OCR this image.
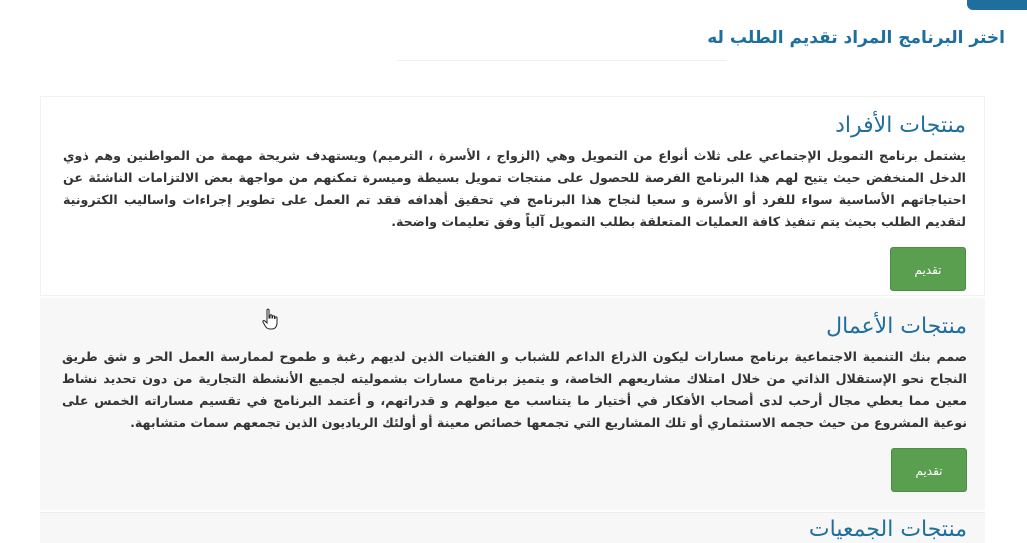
اختر البرنامج المراد تقديم الطلب له
منتجات الأفراد

يشتمل برنامج التمويل الإجتماعي على ثلاث أنواع من التمويل وهي (الزواج ، الأسرة ، الترميم) ويستهدف شريحة مهمة من المواطنين وهم ذوي الدخل المنخفض حيث يتيح لهم هذا البرنامج الفرصة للحصول على منتجات تمويل بسيطة وميسرة تمكنهم من مواجهة بعض الالتزامات الناشئة عن احتياجاتهم الأساسية سواء للفرد أو الأسرة و سعيا لنجاح هذا البرنامج في تحقيق أهدافه فقد تم العمل على تطوير إجراءات واساليب الكترونية لتقديم الطلب بحيث يتم تنفيذ كافة العمليات المتعلقة بطلب التمويل آلياً وفق تعليمات واضحة.

تقديم
منتجات الأعمال

صمم بنك التنمية الاجتماعية برنامج مسارات ليكون الذراع الداعم للشباب و الفتيات الذين لديهم رغبة و طموح لممارسة العمل الحر و شق طريق النجاح نحو الإستقلال الذاتي من خلال امتلاك مشاريعهم الخاصة، و يتميز برنامج مسارات بشموليته لجميع الأنشطة التجارية من دون تحديد نشاط معين مما يعطي مجال أرحب لدى أصحاب الأفكار في أختيار ما يتناسب مع ميولهم و قدراتهم، و أعتمد البرنامج في تقسيم مساراته الخمس على نوعية المشروع من حيث حجمه الاستثماري أو تلك المشاريع التي تجمعها خصائص معينة أو أولئك الرياديون الذين تجمعهم سمات متشابهة.

تقديم
منتجات الجمعيات
